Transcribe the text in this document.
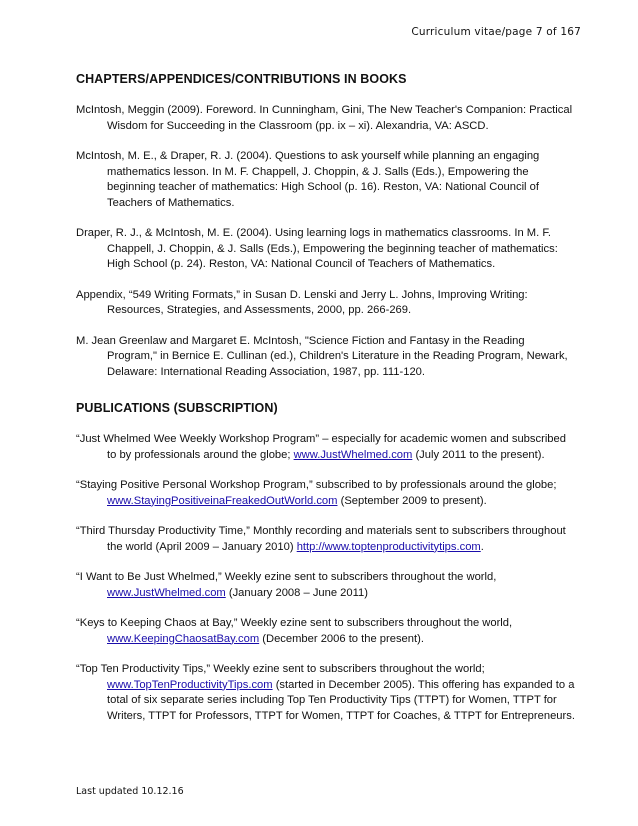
Curriculum vitae/page 7 of 167
CHAPTERS/APPENDICES/CONTRIBUTIONS IN BOOKS
McIntosh, Meggin (2009). Foreword. In Cunningham, Gini, The New Teacher's Companion: Practical Wisdom for Succeeding in the Classroom (pp. ix – xi). Alexandria, VA: ASCD.
McIntosh, M. E., & Draper, R. J. (2004). Questions to ask yourself while planning an engaging mathematics lesson. In M. F. Chappell, J. Choppin, & J. Salls (Eds.), Empowering the beginning teacher of mathematics: High School (p. 16). Reston, VA: National Council of Teachers of Mathematics.
Draper, R. J., & McIntosh, M. E. (2004). Using learning logs in mathematics classrooms. In M. F. Chappell, J. Choppin, & J. Salls (Eds.), Empowering the beginning teacher of mathematics: High School (p. 24). Reston, VA: National Council of Teachers of Mathematics.
Appendix, “549 Writing Formats,” in Susan D. Lenski and Jerry L. Johns, Improving Writing: Resources, Strategies, and Assessments, 2000, pp. 266-269.
M. Jean Greenlaw and Margaret E. McIntosh, "Science Fiction and Fantasy in the Reading Program," in Bernice E. Cullinan (ed.), Children's Literature in the Reading Program, Newark, Delaware: International Reading Association, 1987, pp. 111-120.
PUBLICATIONS (SUBSCRIPTION)
“Just Whelmed Wee Weekly Workshop Program” – especially for academic women and subscribed to by professionals around the globe; www.JustWhelmed.com (July 2011 to the present).
“Staying Positive Personal Workshop Program,” subscribed to by professionals around the globe; www.StayingPositiveinaFreakedOutWorld.com (September 2009 to present).
“Third Thursday Productivity Time,” Monthly recording and materials sent to subscribers throughout the world (April 2009 – January 2010) http://www.toptenproductivitytips.com.
“I Want to Be Just Whelmed,” Weekly ezine sent to subscribers throughout the world, www.JustWhelmed.com (January 2008 – June 2011)
“Keys to Keeping Chaos at Bay,” Weekly ezine sent to subscribers throughout the world, www.KeepingChaosatBay.com (December 2006 to the present).
“Top Ten Productivity Tips,” Weekly ezine sent to subscribers throughout the world; www.TopTenProductivityTips.com (started in December 2005). This offering has expanded to a total of six separate series including Top Ten Productivity Tips (TTPT) for Women, TTPT for Writers, TTPT for Professors, TTPT for Women, TTPT for Coaches, & TTPT for Entrepreneurs.
Last updated 10.12.16
